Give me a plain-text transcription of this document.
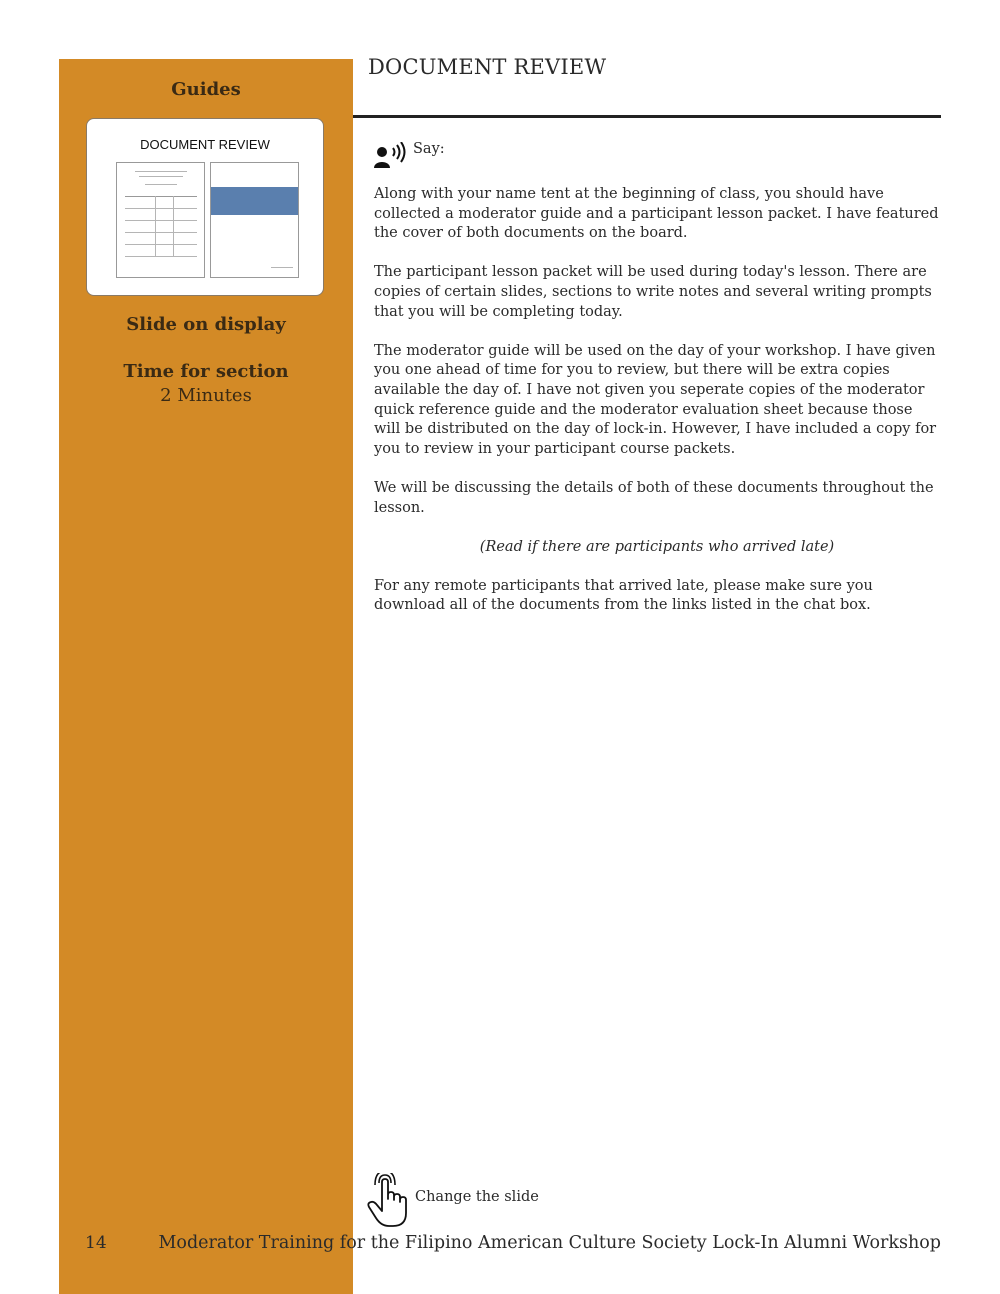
Guides
DOCUMENT REVIEW
Slide on display
Time for section
2 Minutes
DOCUMENT REVIEW
Say:

Along with your name tent at the beginning of class, you should have collected a moderator guide and a participant lesson packet. I have featured the cover of both documents on the board.

The participant lesson packet will be used during today's lesson. There are copies of certain slides, sections to write notes and several writing prompts that you will be completing today.

The moderator guide will be used on the day of your workshop. I have given you one ahead of time for you to review, but there will be extra copies available the day of. I have not given you seperate copies of the moderator quick reference guide and the moderator evaluation sheet because those will be distributed on the day of lock-in. However, I have included a copy for you to review in your participant course packets.

We will be discussing the details of both of these documents throughout the lesson.

(Read if there are participants who arrived late)

For any remote participants that arrived late, please make sure you download all of the documents from the links listed in the chat box.

Change the slide
14	Moderator Training for the Filipino American Culture Society Lock-In Alumni Workshop
